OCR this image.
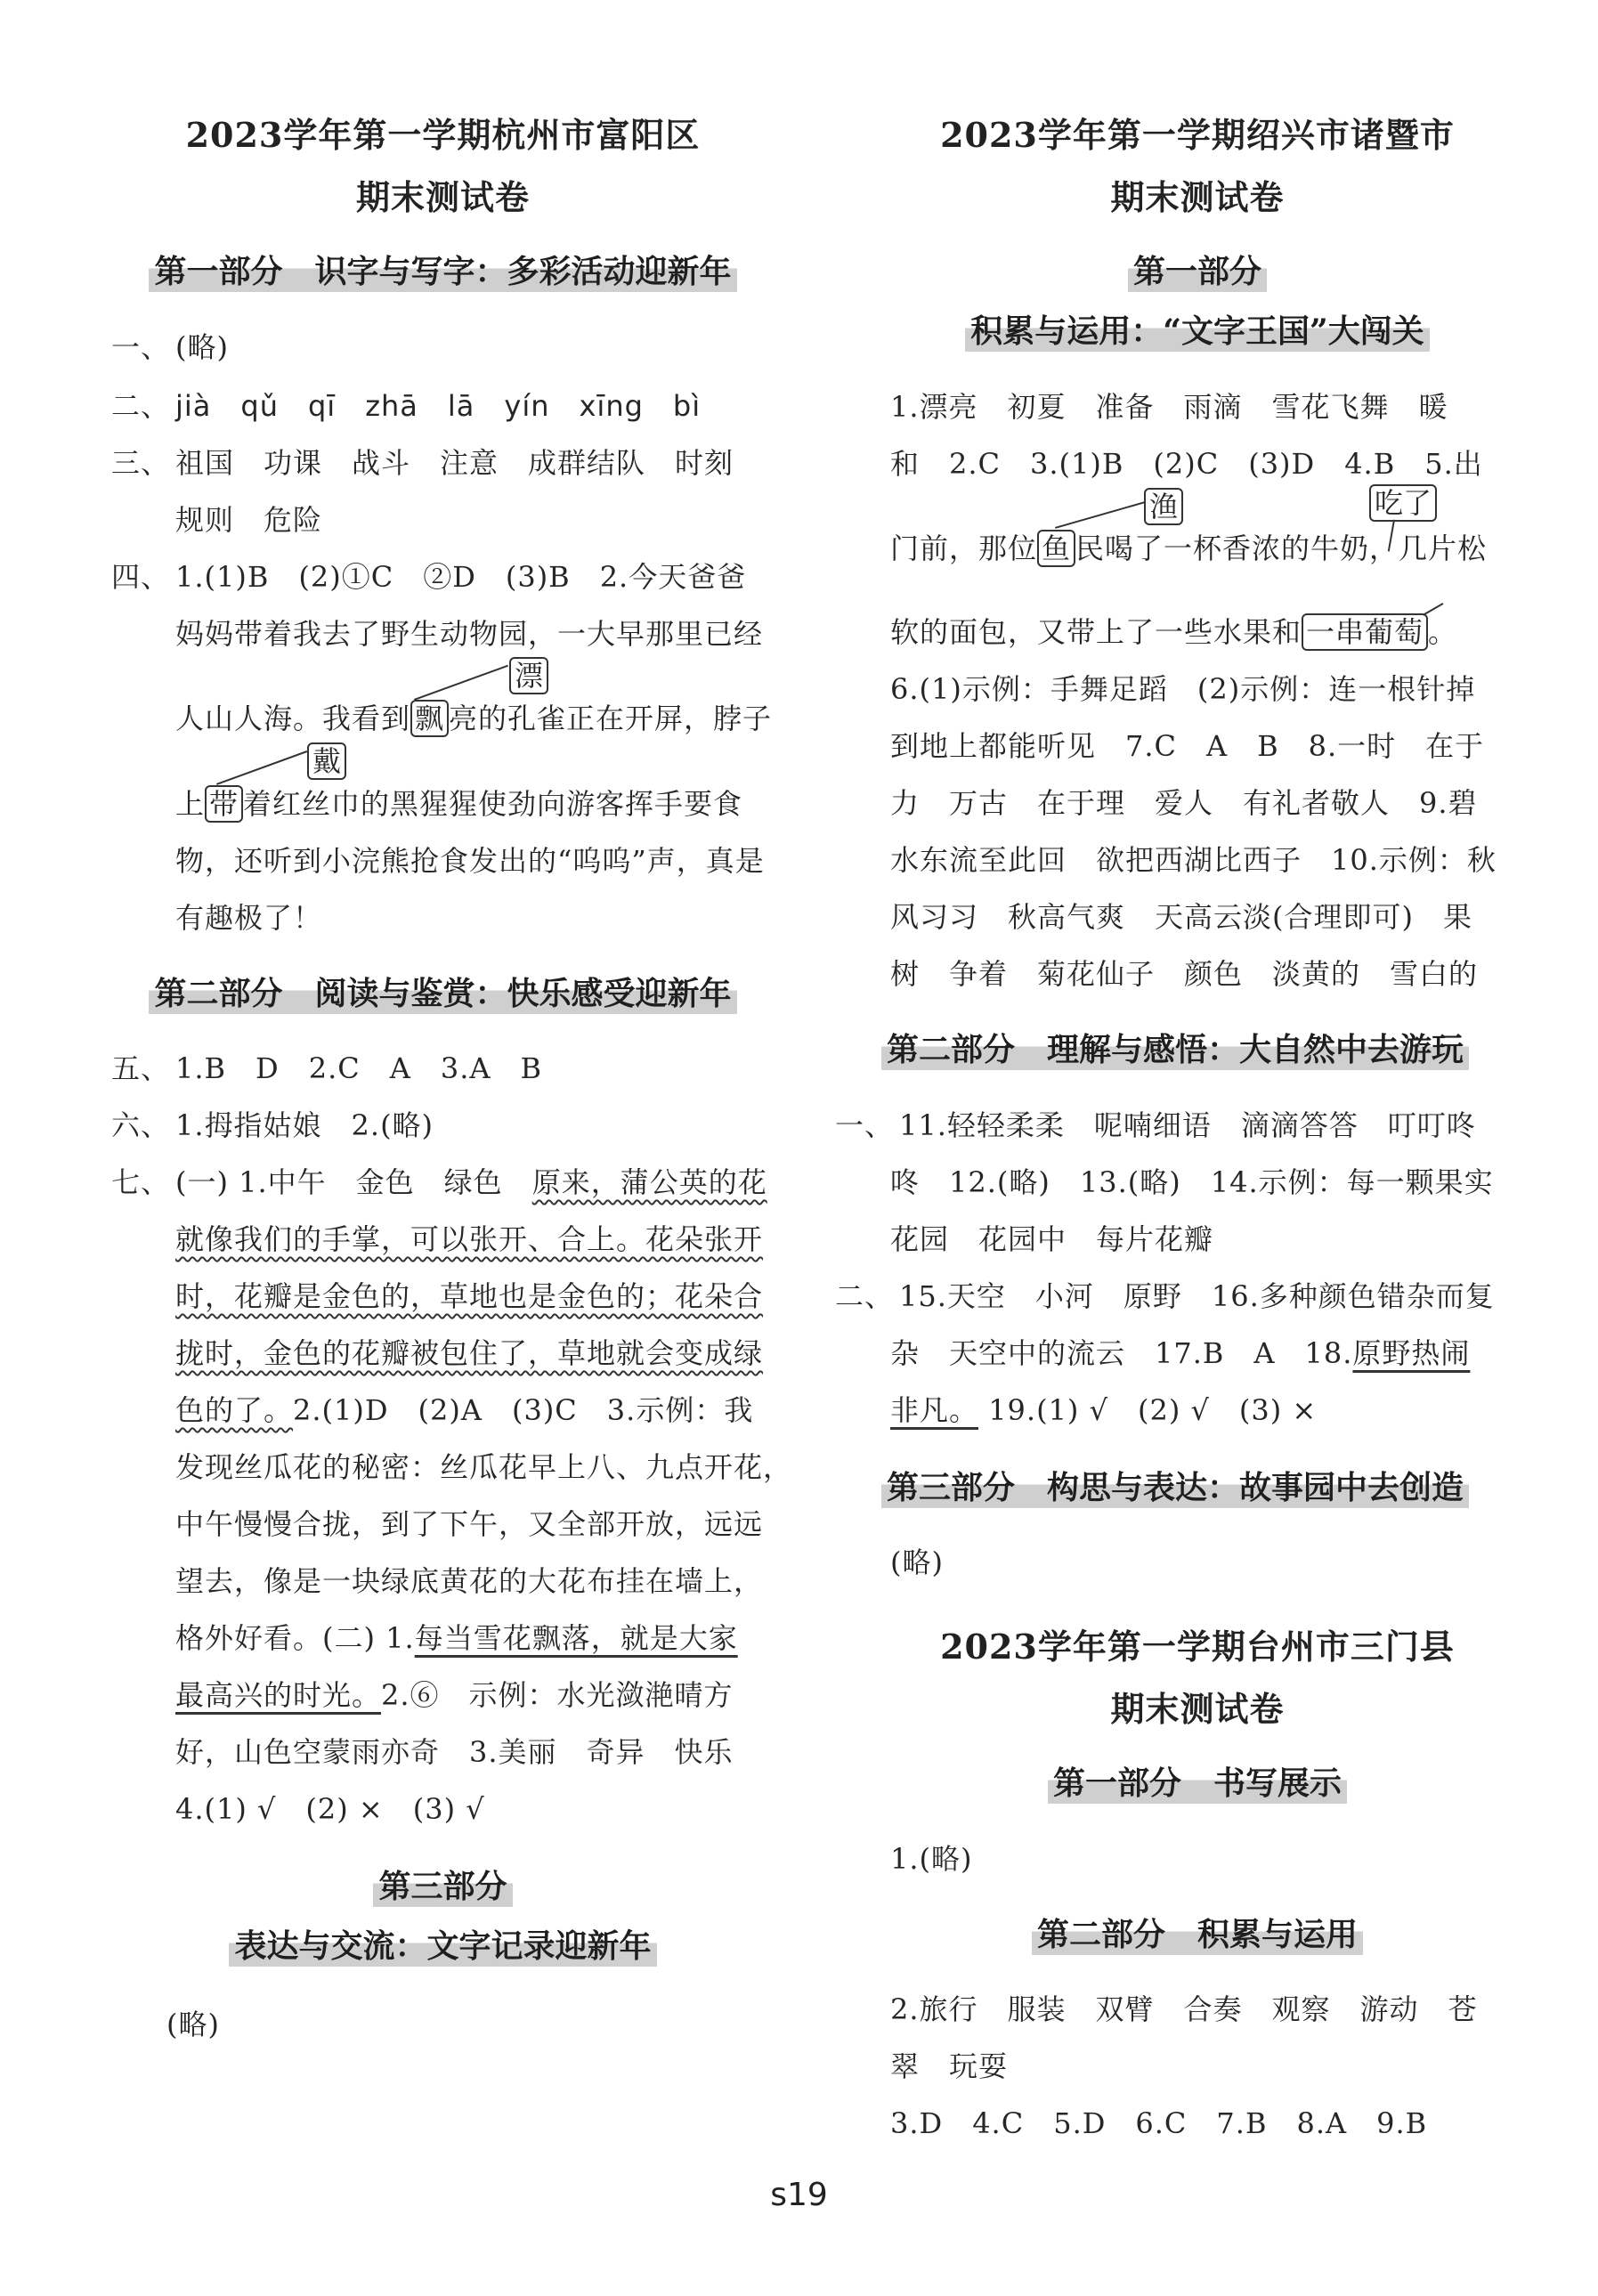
2023学年第一学期杭州市富阳区
期末测试卷
第一部分　识字与写字：多彩活动迎新年
一、 (略)
二、 jià　qǔ　qī　zhā　lā　yín　xīng　bì
三、 祖国　功课　战斗　注意　成群结队　时刻
规则　危险
四、 1.(1)B　(2)①C　②D　(3)B　2.今天爸爸
妈妈带着我去了野生动物园，一大早那里已经
漂
人山人海。我看到 飘 亮的孔雀正在开屏，脖子
戴
上 带 着红丝巾的黑猩猩使劲向游客挥手要食
物，还听到小浣熊抢食发出的“呜呜”声，真是
有趣极了！
第二部分　阅读与鉴赏：快乐感受迎新年
五、 1.B　D　2.C　A　3.A　B
六、 1.拇指姑娘　2.(略)
七、 (一) 1.中午　金色　绿色　原来，蒲公英的花
就像我们的手掌，可以张开、合上。花朵张开
时，花瓣是金色的，草地也是金色的；花朵合
拢时，金色的花瓣被包住了，草地就会变成绿
色的了。2.(1)D　(2)A　(3)C　3.示例：我
发现丝瓜花的秘密：丝瓜花早上八、九点开花，
中午慢慢合拢，到了下午，又全部开放，远远
望去，像是一块绿底黄花的大花布挂在墙上，
格外好看。(二) 1.每当雪花飘落，就是大家
最高兴的时光。2.⑥　示例：水光潋滟晴方
好，山色空蒙雨亦奇　3.美丽　奇异　快乐
4.(1) √　(2) ×　(3) √
第三部分
表达与交流：文字记录迎新年
(略)
2023学年第一学期绍兴市诸暨市
期末测试卷
第一部分
积累与运用：“文字王国”大闯关
1.漂亮　初夏　准备　雨滴　雪花飞舞　暖
和　2.C　3.(1)B　(2)C　(3)D　4.B　5.出
渔	吃了
门前，那位 鱼 民喝了一杯香浓的牛奶，几片松
软的面包，又带上了一些水果和 一串葡萄 。
6.(1)示例：手舞足蹈　(2)示例：连一根针掉
到地上都能听见　7.C　A　B　8.一时　在于
力　万古　在于理　爱人　有礼者敬人　9.碧
水东流至此回　欲把西湖比西子　10.示例：秋
风习习　秋高气爽　天高云淡(合理即可)　果
树　争着　菊花仙子　颜色　淡黄的　雪白的
第二部分　理解与感悟：大自然中去游玩
一、 11.轻轻柔柔　呢喃细语　滴滴答答　叮叮咚
咚　12.(略)　13.(略)　14.示例：每一颗果实
花园　花园中　每片花瓣
二、 15.天空　小河　原野　16.多种颜色错杂而复
杂　天空中的流云　17.B　A　18.原野热闹
非凡。 19.(1) √　(2) √　(3) ×
第三部分　构思与表达：故事园中去创造
(略)
2023学年第一学期台州市三门县
期末测试卷
第一部分　书写展示
1.(略)
第二部分　积累与运用
2.旅行　服装　双臂　合奏　观察　游动　苍
翠　玩耍
3.D　4.C　5.D　6.C　7.B　8.A　9.B
s19
